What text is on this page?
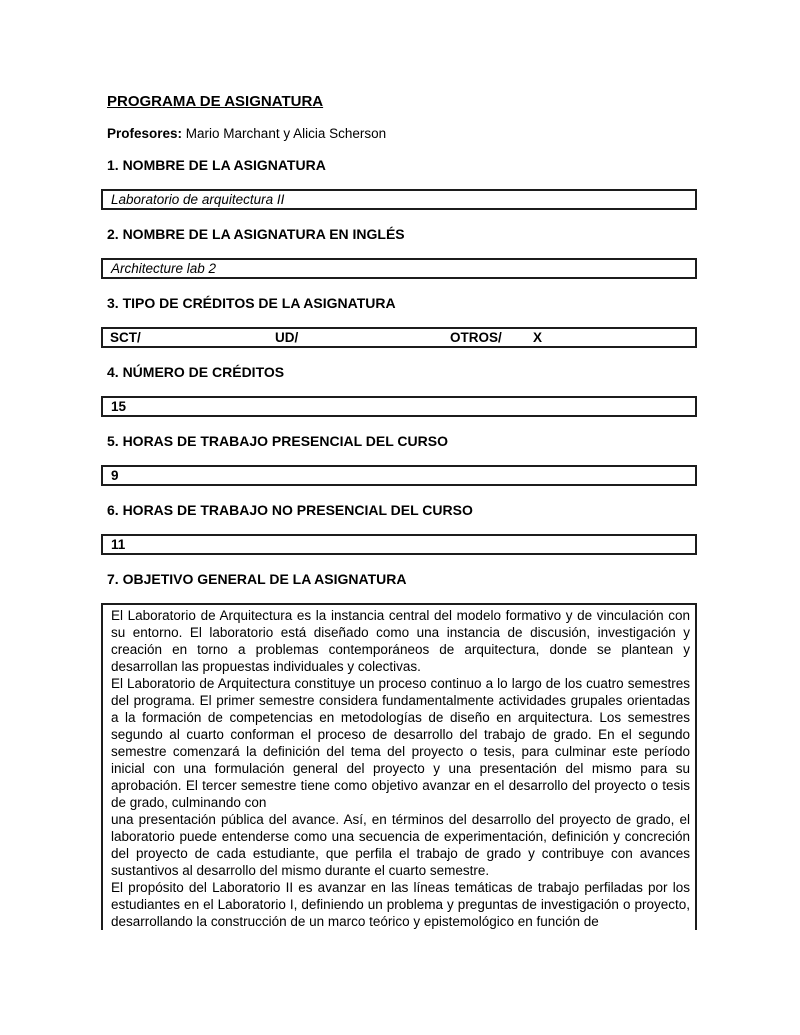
PROGRAMA DE ASIGNATURA
Profesores: Mario Marchant y Alicia Scherson
1. NOMBRE DE LA ASIGNATURA
Laboratorio de arquitectura II
2. NOMBRE DE LA ASIGNATURA EN INGLÉS
Architecture lab 2
3. TIPO DE CRÉDITOS DE LA ASIGNATURA
SCT/	UD/	OTROS/ X
4. NÚMERO DE CRÉDITOS
15
5. HORAS DE TRABAJO PRESENCIAL DEL CURSO
9
6. HORAS DE TRABAJO NO PRESENCIAL DEL CURSO
11
7. OBJETIVO GENERAL DE LA ASIGNATURA

El Laboratorio de Arquitectura es la instancia central del modelo formativo y de vinculación con su entorno. El laboratorio está diseñado como una instancia de discusión, investigación y creación en torno a problemas contemporáneos de arquitectura, donde se plantean y desarrollan las propuestas individuales y colectivas.

El Laboratorio de Arquitectura constituye un proceso continuo a lo largo de los cuatro semestres del programa. El primer semestre considera fundamentalmente actividades grupales orientadas a la formación de competencias en metodologías de diseño en arquitectura. Los semestres segundo al cuarto conforman el proceso de desarrollo del trabajo de grado. En el segundo semestre comenzará la definición del tema del proyecto o tesis, para culminar este período inicial con una formulación general del proyecto y una presentación del mismo para su aprobación. El tercer semestre tiene como objetivo avanzar en el desarrollo del proyecto o tesis de grado, culminando con

una presentación pública del avance. Así, en términos del desarrollo del proyecto de grado, el laboratorio puede entenderse como una secuencia de experimentación, definición y concreción del proyecto de cada estudiante, que perfila el trabajo de grado y contribuye con avances sustantivos al desarrollo del mismo durante el cuarto semestre.

El propósito del Laboratorio II es avanzar en las líneas temáticas de trabajo perfiladas por los estudiantes en el Laboratorio I, definiendo un problema y preguntas de investigación o proyecto, desarrollando la construcción de un marco teórico y epistemológico en función de
